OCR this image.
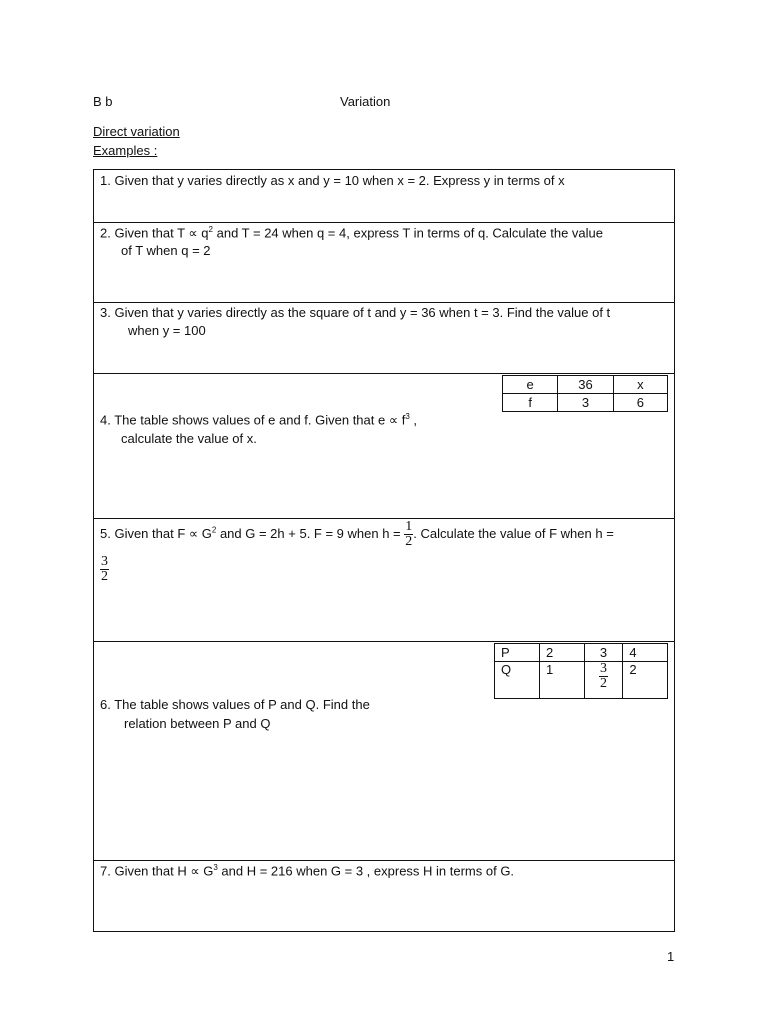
B b	Variation
Direct variation
Examples :
1. Given that y varies directly as x and y = 10 when x = 2. Express y in terms of x
2. Given that $T \propto q^2$ and T = 24 when q = 4, express T in terms of q. Calculate the value
of T when q = 2
3. Given that y varies directly as the square of t and y = 36 when t = 3. Find the value of t
when y = 100
e	36	x
f	3	6
4. The table shows values of e and f. Given that $e \propto f^3$ ,
calculate the value of x.
5. Given that $F \propto G^2$ and G = 2h + 5. F = 9 when $h = \frac{1}{2}$ . Calculate the value of F when h =
$\frac{3}{2}$
P	2	3	4
Q	1	$\frac{3}{2}$	2
6. The table shows values of P and Q. Find the
relation between P and Q
7. Given that $H \propto G^3$ and H = 216 when G = 3 , express H in terms of G.
1
